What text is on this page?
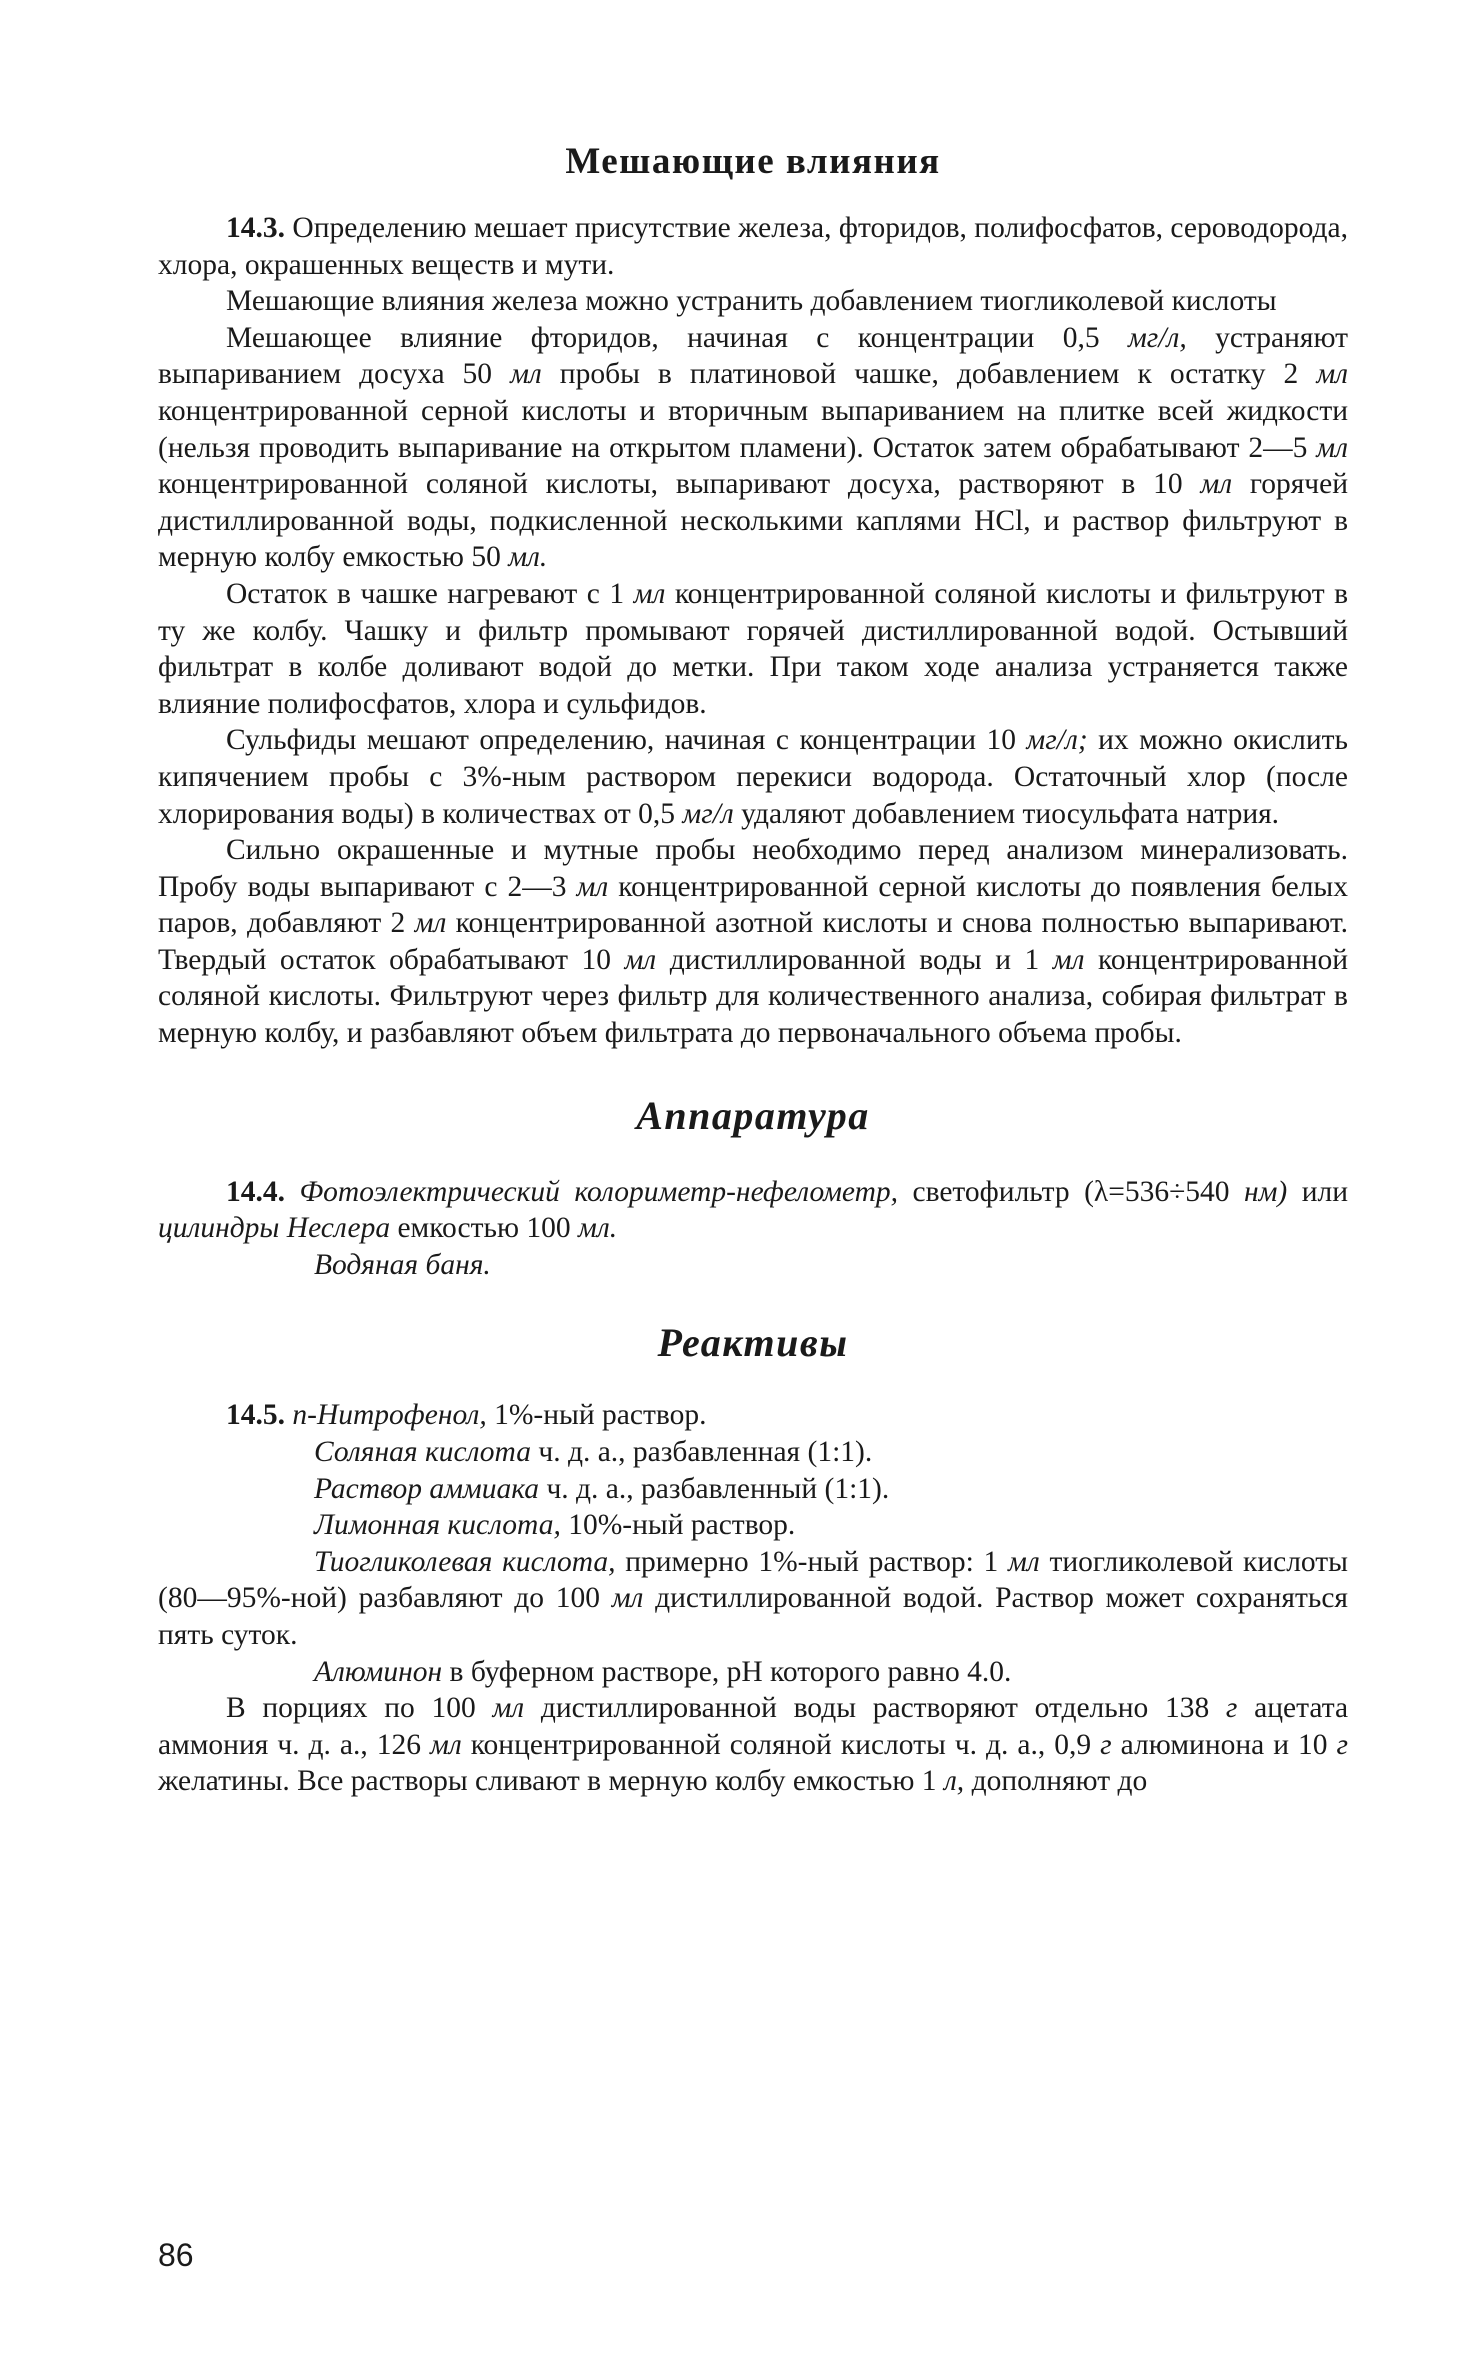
Мешающие влияния

14.3. Определению мешает присутствие железа, фторидов, полифосфатов, сероводорода, хлора, окрашенных веществ и мути.

Мешающие влияния железа можно устранить добавлением тиогликолевой кислоты

Мешающее влияние фторидов, начиная с концентрации 0,5 мг/л, устраняют выпариванием досуха 50 мл пробы в платиновой чашке, добавлением к остатку 2 мл концентрированной серной кислоты и вторичным выпариванием на плитке всей жидкости (нельзя проводить выпаривание на открытом пламени). Остаток затем обрабатывают 2—5 мл концентрированной соляной кислоты, выпаривают досуха, растворяют в 10 мл горячей дистиллированной воды, подкисленной несколькими каплями HCl, и раствор фильтруют в мерную колбу емкостью 50 мл.

Остаток в чашке нагревают с 1 мл концентрированной соляной кислоты и фильтруют в ту же колбу. Чашку и фильтр промывают горячей дистиллированной водой. Остывший фильтрат в колбе доливают водой до метки. При таком ходе анализа устраняется также влияние полифосфатов, хлора и сульфидов.

Сульфиды мешают определению, начиная с концентрации 10 мг/л; их можно окислить кипячением пробы с 3%-ным раствором перекиси водорода. Остаточный хлор (после хлорирования воды) в количествах от 0,5 мг/л удаляют добавлением тиосульфата натрия.

Сильно окрашенные и мутные пробы необходимо перед анализом минерализовать. Пробу воды выпаривают с 2—3 мл концентрированной серной кислоты до появления белых паров, добавляют 2 мл концентрированной азотной кислоты и снова полностью выпаривают. Твердый остаток обрабатывают 10 мл дистиллированной воды и 1 мл концентрированной соляной кислоты. Фильтруют через фильтр для количественного анализа, собирая фильтрат в мерную колбу, и разбавляют объем фильтрата до первоначального объема пробы.

Аппаратура

14.4. Фотоэлектрический колориметр-нефелометр, светофильтр (λ=536÷540 нм) или цилиндры Неслера емкостью 100 мл.

Водяная баня.

Реактивы

14.5. п-Нитрофенол, 1%-ный раствор.

Соляная кислота ч. д. а., разбавленная (1:1).

Раствор аммиака ч. д. а., разбавленный (1:1).

Лимонная кислота, 10%-ный раствор.

Тиогликолевая кислота, примерно 1%-ный раствор: 1 мл тиогликолевой кислоты (80—95%-ной) разбавляют до 100 мл дистиллированной водой. Раствор может сохраняться пять суток.

Алюминон в буферном растворе, pH которого равно 4.0.

В порциях по 100 мл дистиллированной воды растворяют отдельно 138 г ацетата аммония ч. д. а., 126 мл концентрированной соляной кислоты ч. д. а., 0,9 г алюминона и 10 г желатины. Все растворы сливают в мерную колбу емкостью 1 л, дополняют до

86
